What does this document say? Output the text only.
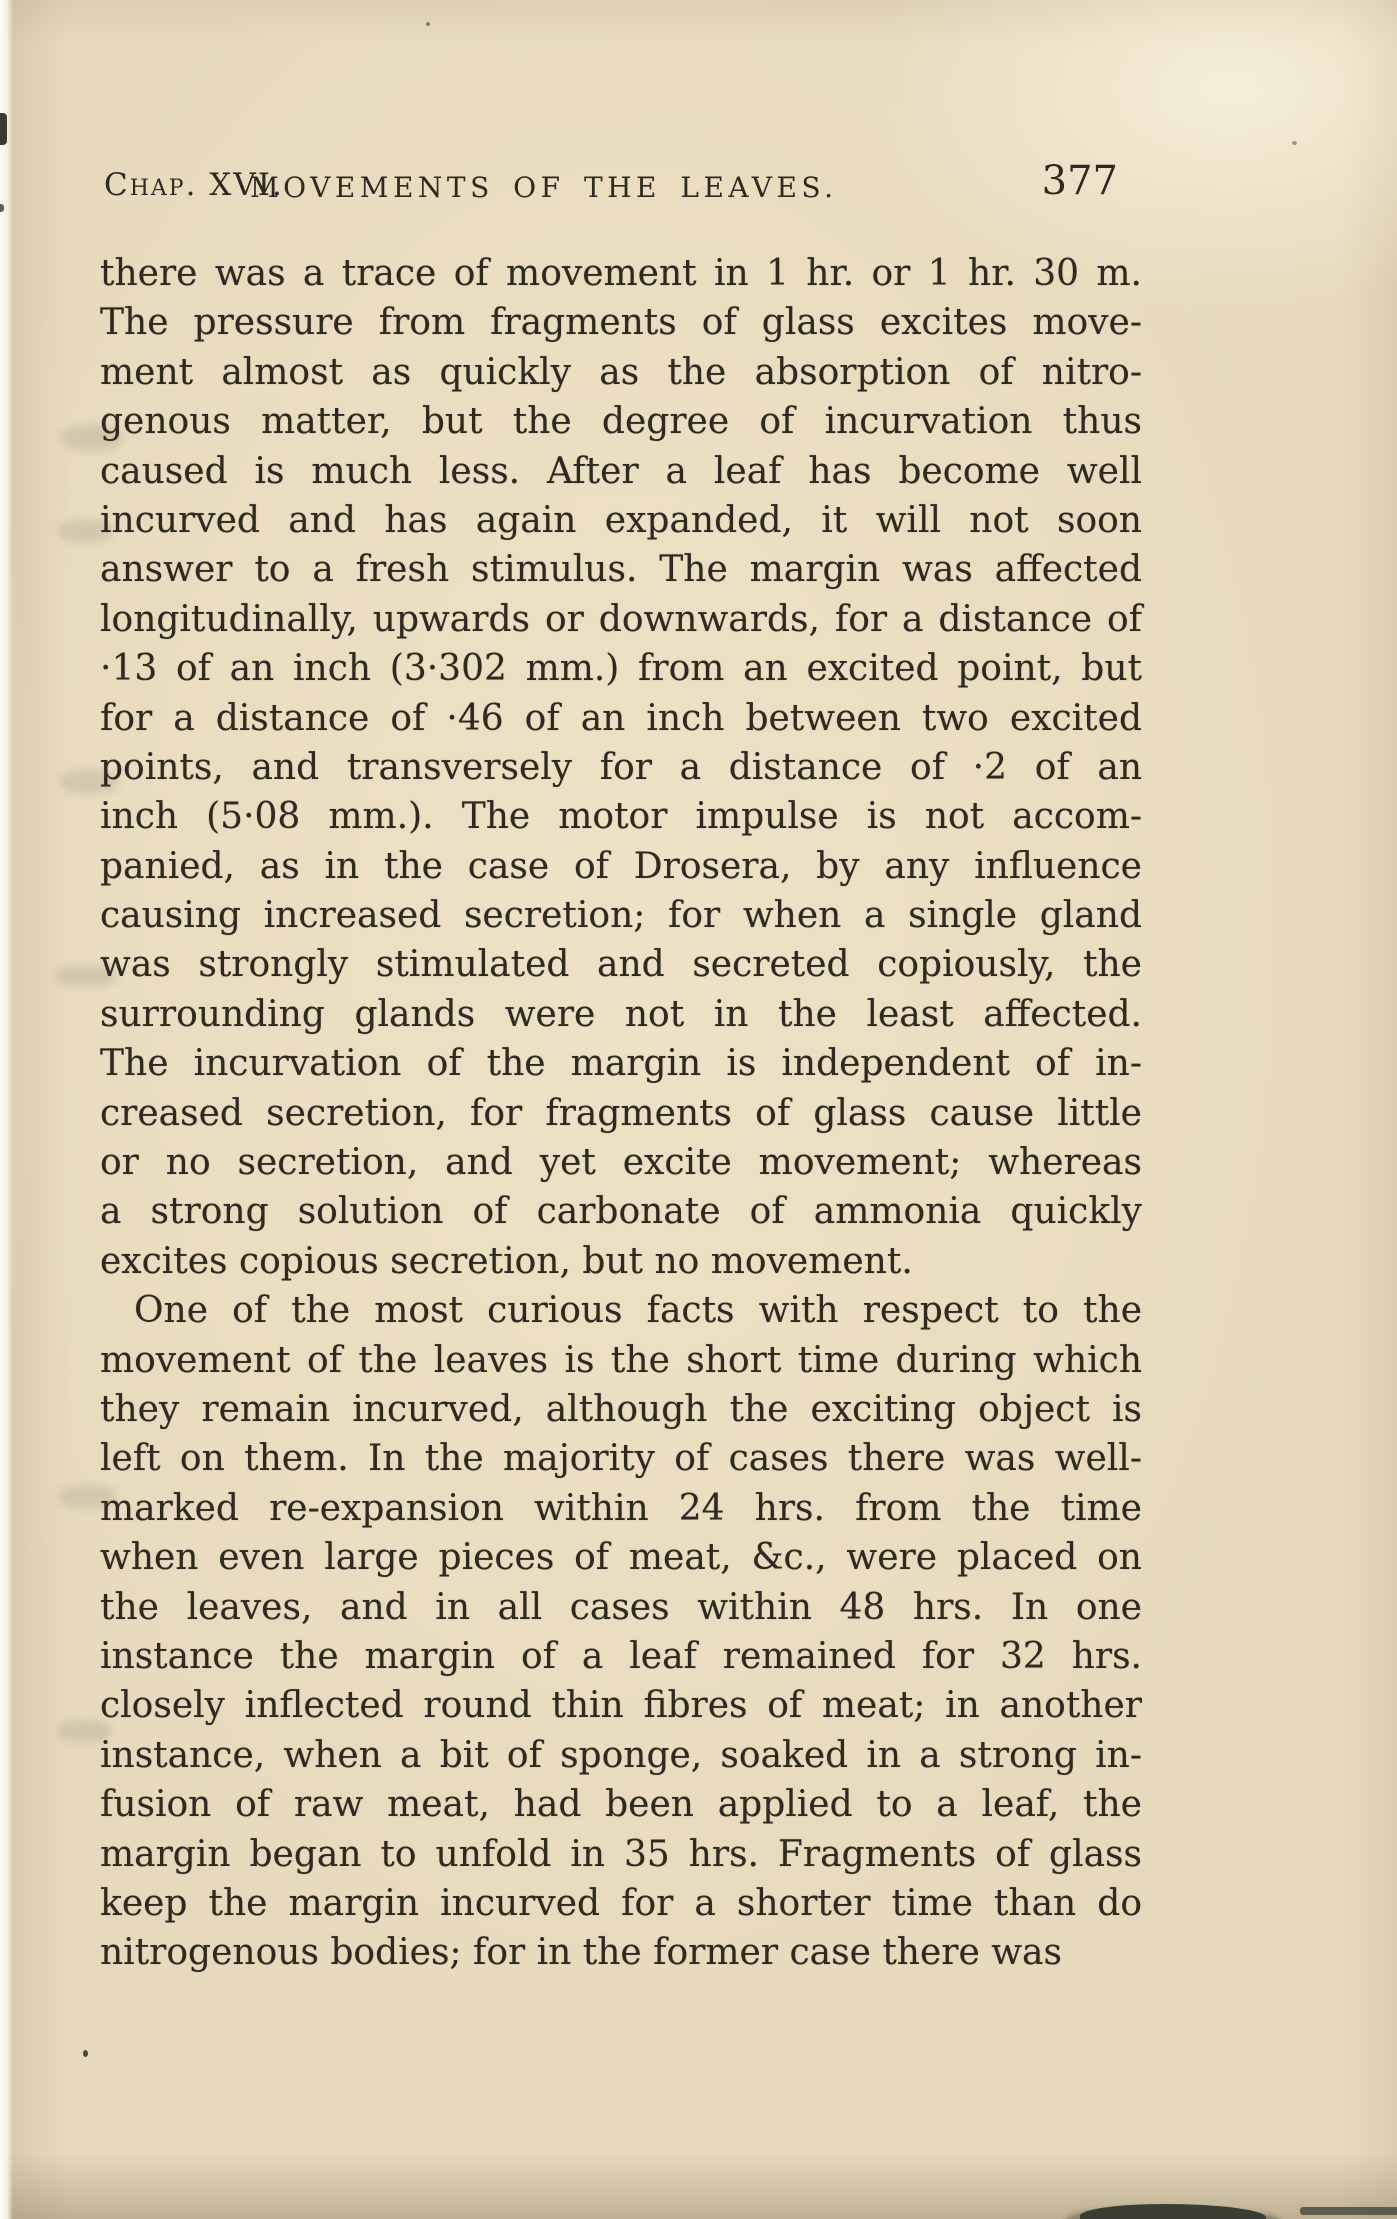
Chap. XVI.
MOVEMENTS OF THE LEAVES.	377
there was a trace of movement in 1 hr. or 1 hr. 30 m.
The pressure from fragments of glass excites move-
ment almost as quickly as the absorption of nitro-
genous matter, but the degree of incurvation thus
caused is much less. After a leaf has become well
incurved and has again expanded, it will not soon
answer to a fresh stimulus. The margin was affected
longitudinally, upwards or downwards, for a distance of
·13 of an inch (3·302 mm.) from an excited point, but
for a distance of ·46 of an inch between two excited
points, and transversely for a distance of ·2 of an
inch (5·08 mm.). The motor impulse is not accom-
panied, as in the case of Drosera, by any influence
causing increased secretion; for when a single gland
was strongly stimulated and secreted copiously, the
surrounding glands were not in the least affected.
The incurvation of the margin is independent of in-
creased secretion, for fragments of glass cause little
or no secretion, and yet excite movement; whereas
a strong solution of carbonate of ammonia quickly
excites copious secretion, but no movement.
One of the most curious facts with respect to the
movement of the leaves is the short time during which
they remain incurved, although the exciting object is
left on them. In the majority of cases there was well-
marked re-expansion within 24 hrs. from the time
when even large pieces of meat, &c., were placed on
the leaves, and in all cases within 48 hrs. In one
instance the margin of a leaf remained for 32 hrs.
closely inflected round thin fibres of meat; in another
instance, when a bit of sponge, soaked in a strong in-
fusion of raw meat, had been applied to a leaf, the
margin began to unfold in 35 hrs. Fragments of glass
keep the margin incurved for a shorter time than do
nitrogenous bodies; for in the former case there was
